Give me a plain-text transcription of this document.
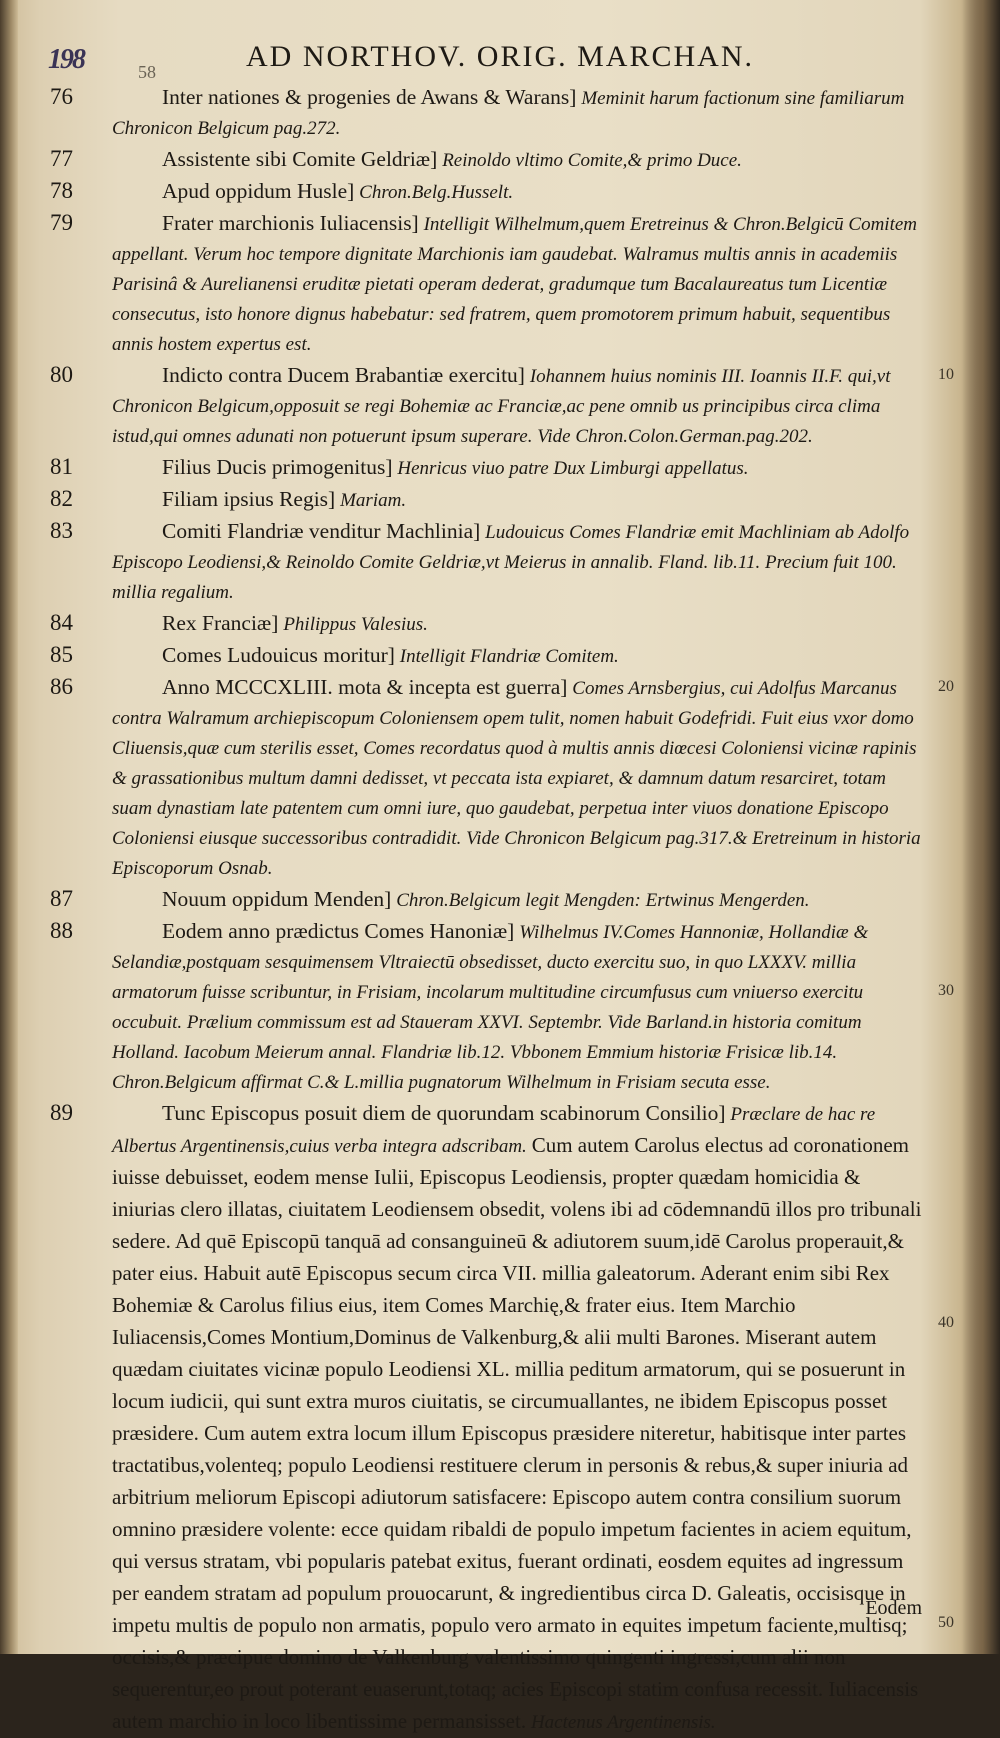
198	58	AD NORTHOV. ORIG. MARCHAN.

76	Inter nationes & progenies de Awans & Warans] Meminit harum factionum sine familiarum Chronicon Belgicum pag.272.

77	Assistente sibi Comite Geldriæ] Reinoldo vltimo Comite,& primo Duce.

78	Apud oppidum Husle] Chron.Belg.Husselt.

79	Frater marchionis Iuliacensis] Intelligit Wilhelmum,quem Eretreinus & Chron.Belgicū Comitem appellant. Verum hoc tempore dignitate Marchionis iam gaudebat. Walramus multis annis in academiis Parisinâ & Aurelianensi eruditæ pietati operam dederat, gradumque tum Bacalaureatus tum Licentiæ consecutus, isto honore dignus habebatur: sed fratrem, quem promotorem primum habuit, sequentibus annis hostem expertus est.

80	Indicto contra Ducem Brabantiæ exercitu] Iohannem huius nominis III. Ioannis II.F. qui,vt Chronicon Belgicum,opposuit se regi Bohemiæ ac Franciæ,ac pene omnib us principibus circa clima istud,qui omnes adunati non potuerunt ipsum superare. Vide Chron.Colon.German.pag.202.
10

81	Filius Ducis primogenitus] Henricus viuo patre Dux Limburgi appellatus.

82	Filiam ipsius Regis] Mariam.

83	Comiti Flandriæ venditur Machlinia] Ludouicus Comes Flandriæ emit Machliniam ab Adolfo Episcopo Leodiensi,& Reinoldo Comite Geldriæ,vt Meierus in annalib. Fland. lib.11. Precium fuit 100. millia regalium.

84	Rex Franciæ] Philippus Valesius.

85	Comes Ludouicus moritur] Intelligit Flandriæ Comitem.

86	Anno MCCCXLIII. mota & incepta est guerra] Comes Arnsbergius, cui Adolfus Marcanus contra Walramum archiepiscopum Coloniensem opem tulit, nomen habuit Godefridi. Fuit eius vxor domo Cliuensis,quæ cum sterilis esset, Comes recordatus quod à multis annis diœcesi Coloniensi vicinæ rapinis & grassationibus multum damni dedisset, vt peccata ista expiaret, & damnum datum resarciret, totam suam dynastiam late patentem cum omni iure, quo gaudebat, perpetua inter viuos donatione Episcopo Coloniensi eiusque successoribus contradidit. Vide Chronicon Belgicum pag.317.& Eretreinum in historia Episcoporum Osnab.
20

87	Nouum oppidum Menden] Chron.Belgicum legit Mengden: Ertwinus Mengerden.

88	Eodem anno prædictus Comes Hanoniæ] Wilhelmus IV.Comes Hannoniæ, Hollandiæ & Selandiæ,postquam sesquimensem Vltraiectū obsedisset, ducto exercitu suo, in quo LXXXV. millia armatorum fuisse scribuntur, in Frisiam, incolarum multitudine circumfusus cum vniuerso exercitu occubuit. Prælium commissum est ad Staueram XXVI. Septembr. Vide Barland.in historia comitum Holland. Iacobum Meierum annal. Flandriæ lib.12. Vbbonem Emmium historiæ Frisicæ lib.14. Chron.Belgicum affirmat C.& L.millia pugnatorum Wilhelmum in Frisiam secuta esse.
30

89	Tunc Episcopus posuit diem de quorundam scabinorum Consilio] Præclare de hac re Albertus Argentinensis,cuius verba integra adscribam. Cum autem Carolus electus ad coronationem iuisse debuisset, eodem mense Iulii, Episcopus Leodiensis, propter quædam homicidia & iniurias clero illatas, ciuitatem Leodiensem obsedit, volens ibi ad cōdemnandū illos pro tribunali sedere. Ad quē Episcopū tanquā ad consanguineū & adiutorem suum,idē Carolus properauit,& pater eius. Habuit autē Episcopus secum circa VII. millia galeatorum. Aderant enim sibi Rex Bohemiæ & Carolus filius eius, item Comes Marchię,& frater eius. Item Marchio Iuliacensis,Comes Montium,Dominus de Valkenburg,& alii multi Barones. Miserant autem quædam ciuitates vicinæ populo Leodiensi XL. millia peditum armatorum, qui se posuerunt in locum iudicii, qui sunt extra muros ciuitatis, se circumuallantes, ne ibidem Episcopus posset præsidere. Cum autem extra locum illum Episcopus præsidere niteretur, habitisque inter partes tractatibus,volenteq; populo Leodiensi restituere clerum in personis & rebus,& super iniuria ad arbitrium meliorum Episcopi adiutorum satisfacere: Episcopo autem contra consilium suorum omnino præsidere volente: ecce quidam ribaldi de populo impetum facientes in aciem equitum, qui versus stratam, vbi popularis patebat exitus, fuerant ordinati, eosdem equites ad ingressum per eandem stratam ad populum prouocarunt, & ingredientibus circa D. Galeatis, occisisque in impetu multis de populo non armatis, populo vero armato in equites impetum facientе,multisq; occisis,& præcipue domino de Valkenburg valentissimo quingenti ingressi,cum alii non sequerentur,eo prout poterant euaserunt,totaq; acies Episcopi statim confusa recessit. Iuliacensis autem marchio in loco libentissime permansisset. Hactenus Argentinensis.
40
50

Eodem
